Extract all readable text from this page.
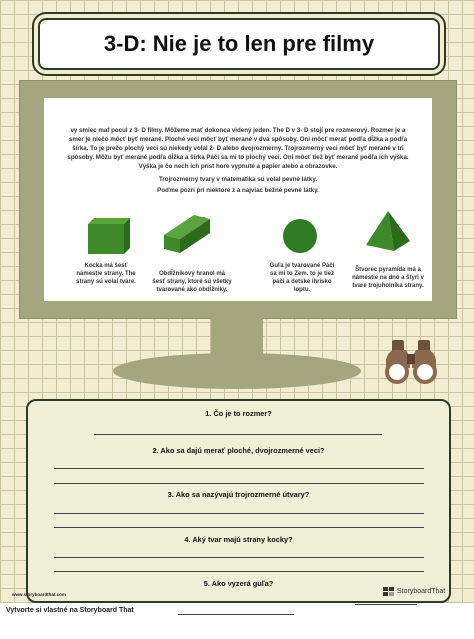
3-D: Nie je to len pre filmy
vy smiec maf pocul z 3- D filmy. Môžeme mať dokonca videný jeden. The D v 3- D stojí pre rozmerový. Rozmer je a smer je niečo môcť byť merané. Ploché veci môcť byť merané v dva spôsoby. Oni môcť merať podľa dĺžka a podľa šírka. To je prečo plochý veci sú niekedy volal 2- D alebo dvojrozmerný. Trojrozmerný veci môcť byť merané v tri spôsoby. Môžu byť merané podľa dĺžka a šírka Páči sa mi to plochý veci. Oni môcť tiež byť merané podľa ich výška. Výška je čo nech ich príst hore vypnuté a papier alebo a obrazovke.
Trojrozmerný tvary v matematika sú volal pevné látky.
Poďme pozri pri niektoré z a najviac bežné pevné látky.
Kocka má šesť námestie strany. The strany sú volal tváre.
Obdĺžnikový hranol má šesť strany, ktoré sú všetky tvarované ako obdĺžniky.
Guľa je tvarované Páči sa mi to Zem. to je tiež páči a detské ihrisko loptu.
Štvorec pyramída má a námestie na dno a štyri v tvare trojuholníka strany.
1. Čo je to rozmer?
2. Ako sa dajú merať ploché, dvojrozmerné veci?
3. Ako sa nazývajú trojrozmerné útvary?
4. Aký tvar majú strany kocky?
5. Ako vyzerá guľa?
www.storyboardthat.com	StoryboardThat
Vytvorte si vlastné na Storyboard That
